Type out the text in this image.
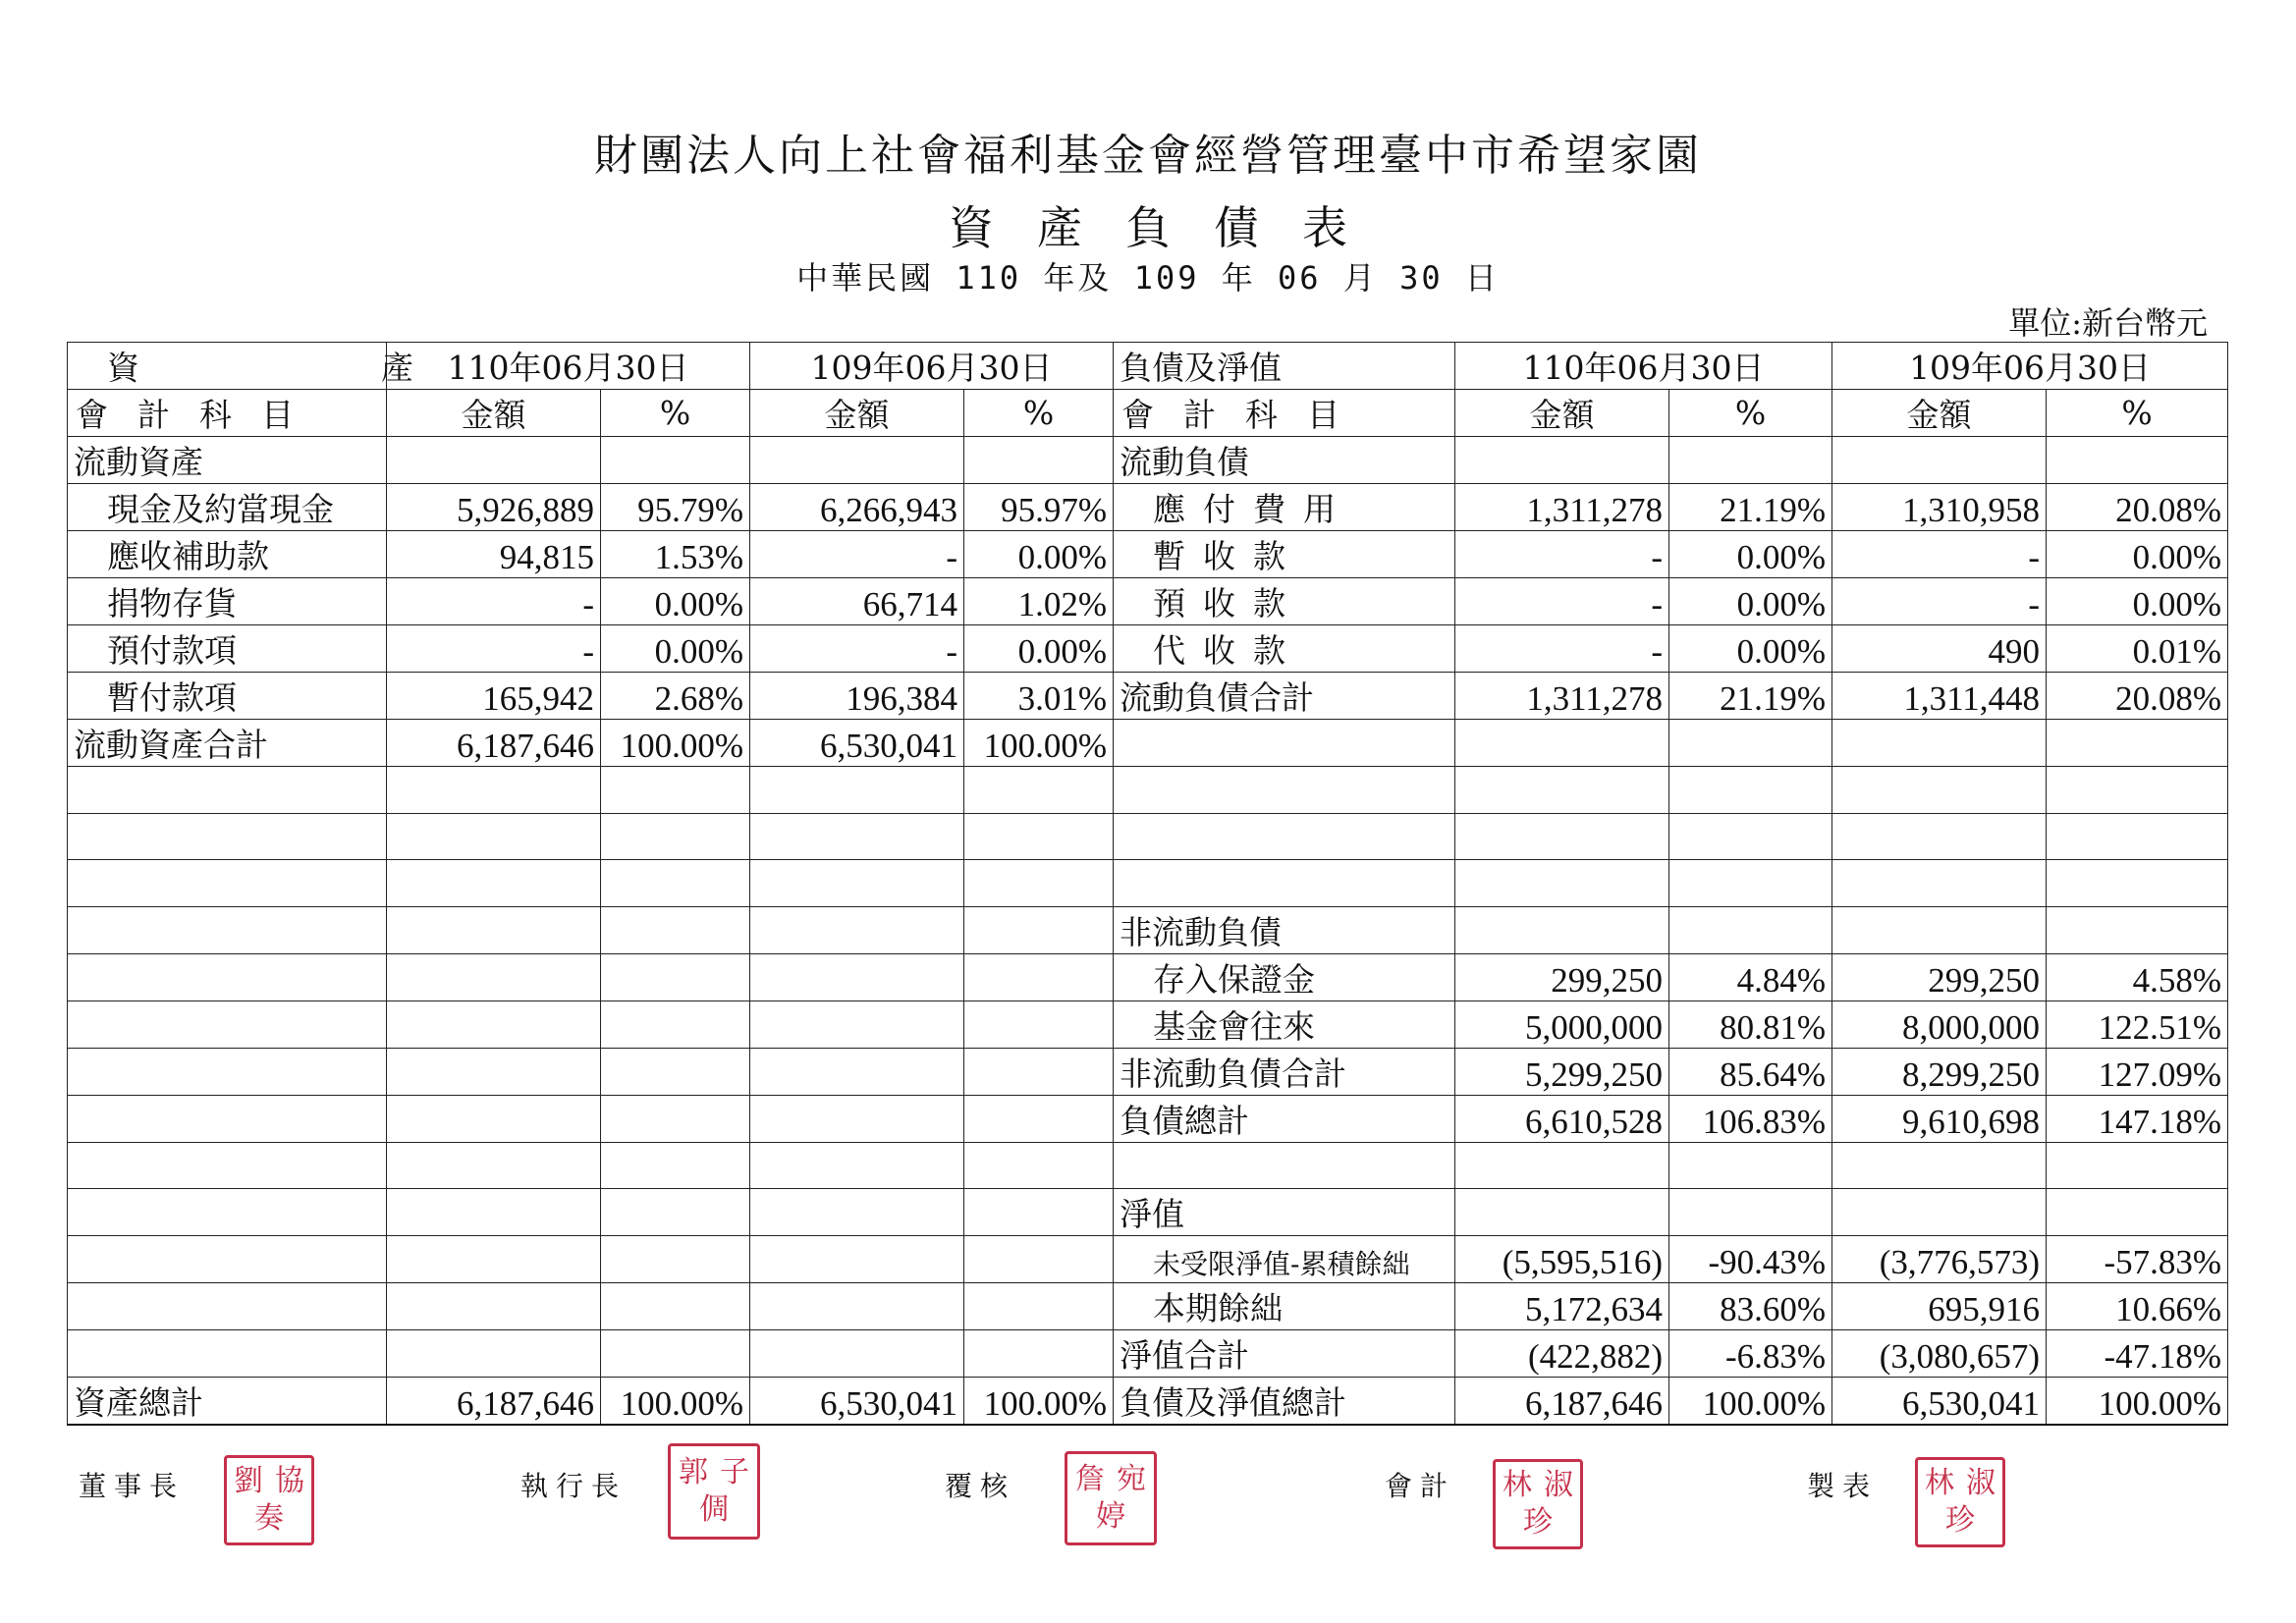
財團法人向上社會福利基金會經營管理臺中市希望家園
資產負債表
中華民國 110 年及 109 年 06 月 30 日
單位:新台幣元
資　　產	110年06月30日		109年06月30日		負債及淨值	110年06月30日		109年06月30日	
會計科目	金額	%	金額	%	會計科目	金額	%	金額	%
流動資產					流動負債				
現金及約當現金	5,926,889	95.79%	6,266,943	95.97%	應付費用	1,311,278	21.19%	1,310,958	20.08%
應收補助款	94,815	1.53%	-	0.00%	暫收款	-	0.00%	-	0.00%
捐物存貨	-	0.00%	66,714	1.02%	預收款	-	0.00%	-	0.00%
預付款項	-	0.00%	-	0.00%	代收款	-	0.00%	490	0.01%
暫付款項	165,942	2.68%	196,384	3.01%	流動負債合計	1,311,278	21.19%	1,311,448	20.08%
流動資產合計	6,187,646	100.00%	6,530,041	100.00%					

					非流動負債				
					存入保證金	299,250	4.84%	299,250	4.58%
					基金會往來	5,000,000	80.81%	8,000,000	122.51%
					非流動負債合計	5,299,250	85.64%	8,299,250	127.09%
					負債總計	6,610,528	106.83%	9,610,698	147.18%

					淨值				
					未受限淨值-累積餘絀	(5,595,516)	-90.43%	(3,776,573)	-57.83%
					本期餘絀	5,172,634	83.60%	695,916	10.66%
					淨值合計	(422,882)	-6.83%	(3,080,657)	-47.18%
資產總計	6,187,646	100.00%	6,530,041	100.00%	負債及淨值總計	6,187,646	100.00%	6,530,041	100.00%
董事長 劉 協
奏
執行長 郭 子
倜
覆核 詹 宛
婷
會計 林 淑
珍
製表 林 淑
珍
